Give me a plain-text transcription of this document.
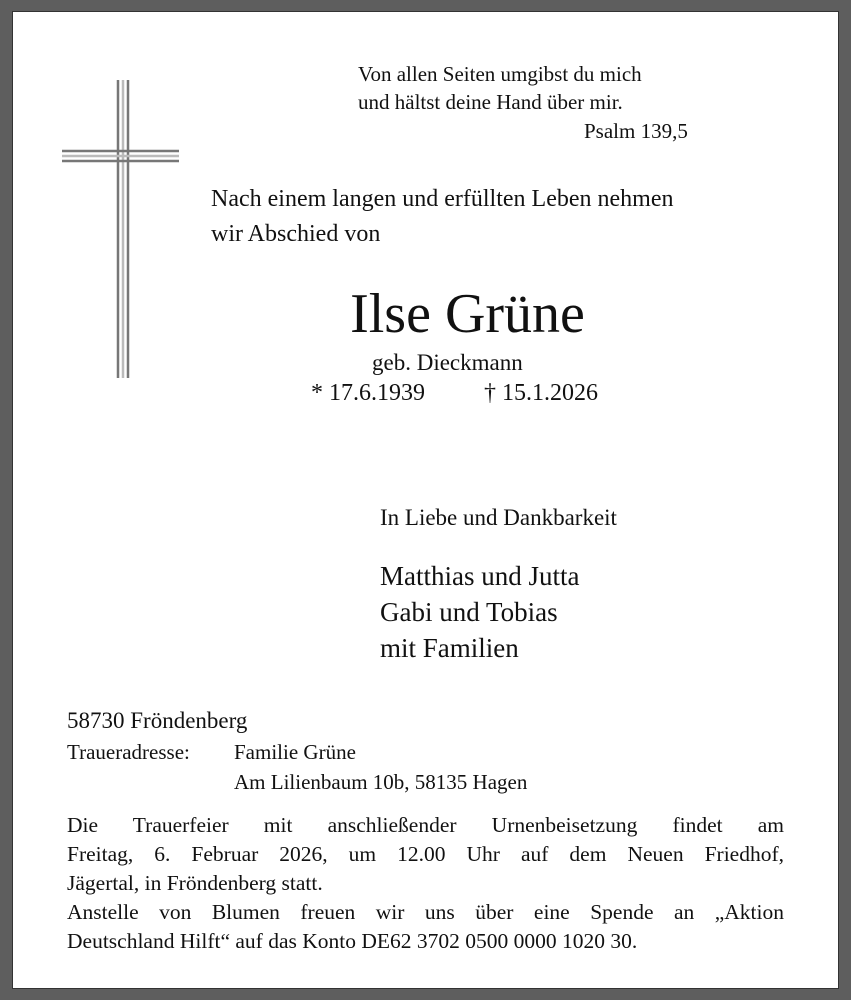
Von allen Seiten umgibst du mich
und hältst deine Hand über mir.
Psalm 139,5
Nach einem langen und erfüllten Leben nehmen
wir Abschied von
Ilse Grüne
geb. Dieckmann
* 17.6.1939 † 15.1.2026
In Liebe und Dankbarkeit
Matthias und Jutta
Gabi und Tobias
mit Familien
58730 Fröndenberg
Traueradresse: Familie Grüne
Am Lilienbaum 10b, 58135 Hagen

Die Trauerfeier mit anschließender Urnenbeisetzung findet am

Freitag, 6. Februar 2026, um 12.00 Uhr auf dem Neuen Friedhof,

Jägertal, in Fröndenberg statt.

Anstelle von Blumen freuen wir uns über eine Spende an „Aktion

Deutschland Hilft“ auf das Konto DE62 3702 0500 0000 1020 30.
